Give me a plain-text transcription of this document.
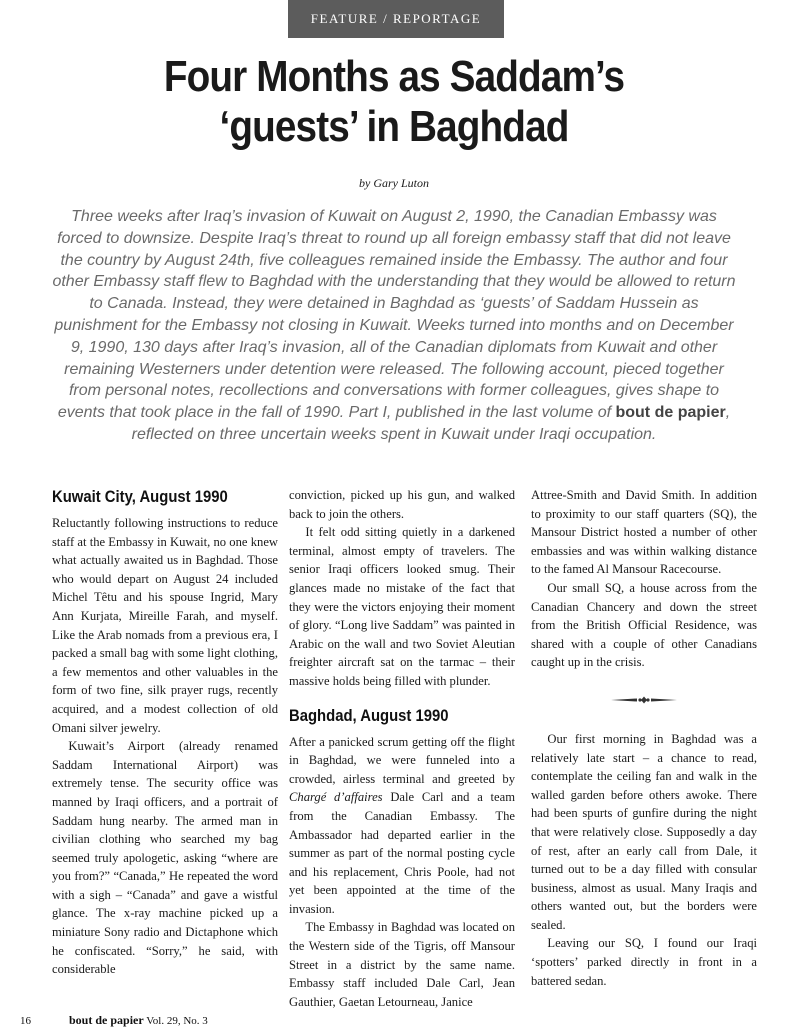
FEATURE / REPORTAGE
Four Months as Saddam’s
‘guests’ in Baghdad
by Gary Luton
Three weeks after Iraq’s invasion of Kuwait on August 2, 1990, the Canadian Embassy was forced to downsize. Despite Iraq’s threat to round up all foreign embassy staff that did not leave the country by August 24th, five colleagues remained inside the Embassy. The author and four other Embassy staff flew to Baghdad with the understanding that they would be allowed to return to Canada. Instead, they were detained in Baghdad as ‘guests’ of Saddam Hussein as punishment for the Embassy not closing in Kuwait. Weeks turned into months and on December 9, 1990, 130 days after Iraq’s invasion, all of the Canadian diplomats from Kuwait and other remaining Westerners under detention were released. The following account, pieced together from personal notes, recollections and conversations with former colleagues, gives shape to events that took place in the fall of 1990. Part I, published in the last volume of bout de papier, reflected on three uncertain weeks spent in Kuwait under Iraqi occupation.
Kuwait City, August 1990

Reluctantly following instructions to reduce staff at the Embassy in Kuwait, no one knew what actually awaited us in Baghdad. Those who would depart on August 24 included Michel Têtu and his spouse Ingrid, Mary Ann Kurjata, Mireille Farah, and myself. Like the Arab nomads from a previous era, I packed a small bag with some light clothing, a few mementos and other valuables in the form of two fine, silk prayer rugs, recently acquired, and a modest collection of old Omani silver jewelry.

Kuwait’s Airport (already renamed Saddam International Airport) was extremely tense. The security office was manned by Iraqi officers, and a portrait of Saddam hung nearby. The armed man in civilian clothing who searched my bag seemed truly apologetic, asking “where are you from?” “Canada,” He repeated the word with a sigh – “Canada” and gave a wistful glance. The x-ray machine picked up a miniature Sony radio and Dictaphone which he confiscated. “Sorry,” he said, with considerable

conviction, picked up his gun, and walked back to join the others.

It felt odd sitting quietly in a darkened terminal, almost empty of travelers. The senior Iraqi officers looked smug. Their glances made no mistake of the fact that they were the victors enjoying their moment of glory. “Long live Saddam” was painted in Arabic on the wall and two Soviet Aleutian freighter aircraft sat on the tarmac – their massive holds being filled with plunder.

Baghdad, August 1990

After a panicked scrum getting off the flight in Baghdad, we were funneled into a crowded, airless terminal and greeted by Chargé d’affaires Dale Carl and a team from the Canadian Embassy. The Ambassador had departed earlier in the summer as part of the normal posting cycle and his replacement, Chris Poole, had not yet been appointed at the time of the invasion.

The Embassy in Baghdad was located on the Western side of the Tigris, off Mansour Street in a district by the same name. Embassy staff included Dale Carl, Jean Gauthier, Gaetan Letourneau, Janice

Attree-Smith and David Smith. In addition to proximity to our staff quarters (SQ), the Mansour District hosted a number of other embassies and was within walking distance to the famed Al Mansour Racecourse.

Our small SQ, a house across from the Canadian Chancery and down the street from the British Official Residence, was shared with a couple of other Canadians caught up in the crisis.

Our first morning in Baghdad was a relatively late start – a chance to read, contemplate the ceiling fan and walk in the walled garden before others awoke. There had been spurts of gunfire during the night that were relatively close. Supposedly a day of rest, after an early call from Dale, it turned out to be a day filled with consular business, almost as usual. Many Iraqis and others wanted out, but the borders were sealed.

Leaving our SQ, I found our Iraqi ‘spotters’ parked directly in front in a battered sedan.

16	bout de papier Vol. 29, No. 3
